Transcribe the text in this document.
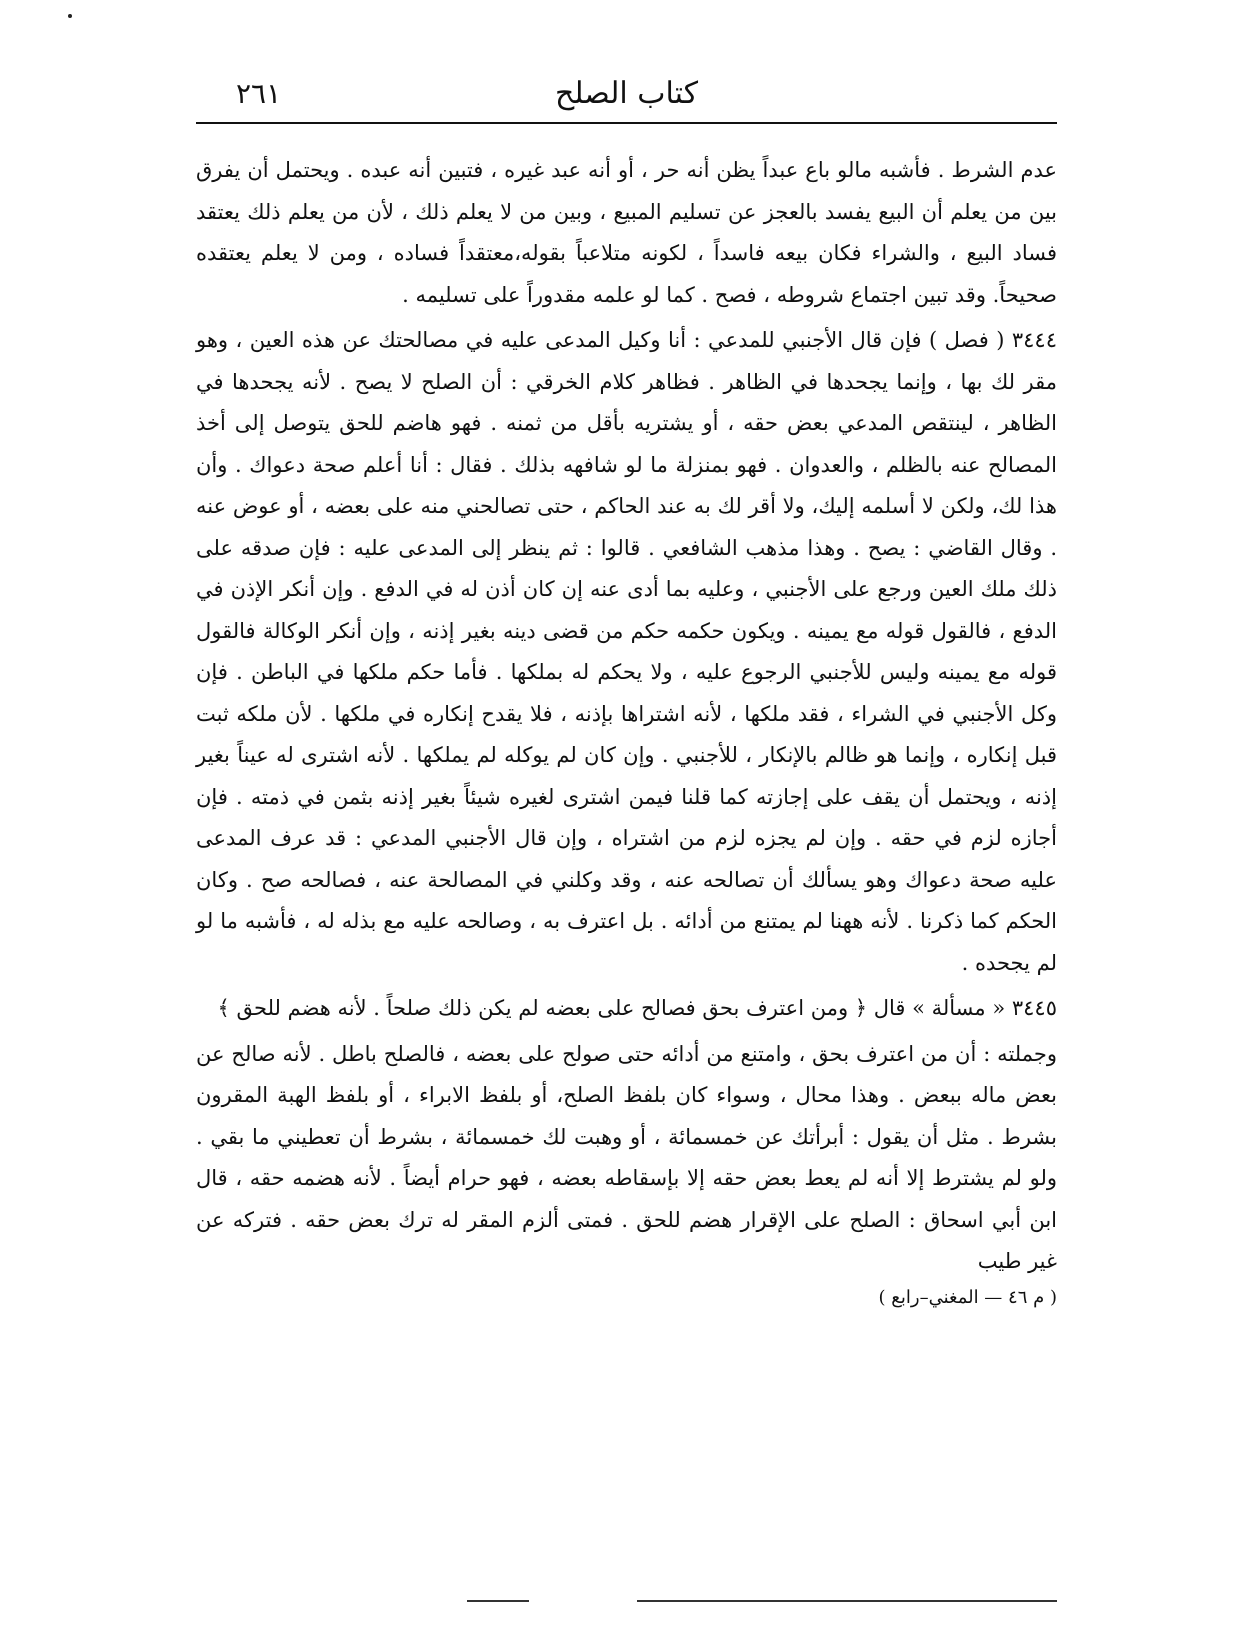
كتاب الصلح
٢٦١

عدم الشرط . فأشبه مالو باع عبداً يظن أنه حر ، أو أنه عبد غيره ، فتبين أنه عبده . ويحتمل أن يفرق بين من يعلم أن البيع يفسد بالعجز عن تسليم المبيع ، وبين من لا يعلم ذلك ، لأن من يعلم ذلك يعتقد فساد البيع ، والشراء فكان بيعه فاسداً ، لكونه متلاعباً بقوله،معتقداً فساده ، ومن لا يعلم يعتقده صحيحاً. وقد تبين اجتماع شروطه ، فصح . كما لو علمه مقدوراً على تسليمه .

٣٤٤٤ ( فصل ) فإن قال الأجنبي للمدعي : أنا وكيل المدعى عليه في مصالحتك عن هذه العين ، وهو مقر لك بها ، وإنما يجحدها في الظاهر . فظاهر كلام الخرقي : أن الصلح لا يصح . لأنه يجحدها في الظاهر ، لينتقص المدعي بعض حقه ، أو يشتريه بأقل من ثمنه . فهو هاضم للحق يتوصل إلى أخذ المصالح عنه بالظلم ، والعدوان . فهو بمنزلة ما لو شافهه بذلك . فقال : أنا أعلم صحة دعواك . وأن هذا لك، ولكن لا أسلمه إليك، ولا أقر لك به عند الحاكم ، حتى تصالحني منه على بعضه ، أو عوض عنه . وقال القاضي : يصح . وهذا مذهب الشافعي . قالوا : ثم ينظر إلى المدعى عليه : فإن صدقه على ذلك ملك العين ورجع على الأجنبي ، وعليه بما أدى عنه إن كان أذن له في الدفع . وإن أنكر الإذن في الدفع ، فالقول قوله مع يمينه . ويكون حكمه حكم من قضى دينه بغير إذنه ، وإن أنكر الوكالة فالقول قوله مع يمينه وليس للأجنبي الرجوع عليه ، ولا يحكم له بملكها . فأما حكم ملكها في الباطن . فإن وكل الأجنبي في الشراء ، فقد ملكها ، لأنه اشتراها بإذنه ، فلا يقدح إنكاره في ملكها . لأن ملكه ثبت قبل إنكاره ، وإنما هو ظالم بالإنكار ، للأجنبي . وإن كان لم يوكله لم يملكها . لأنه اشترى له عيناً بغير إذنه ، ويحتمل أن يقف على إجازته كما قلنا فيمن اشترى لغيره شيئاً بغير إذنه بثمن في ذمته . فإن أجازه لزم في حقه . وإن لم يجزه لزم من اشتراه ، وإن قال الأجنبي المدعي : قد عرف المدعى عليه صحة دعواك وهو يسألك أن تصالحه عنه ، وقد وكلني في المصالحة عنه ، فصالحه صح . وكان الحكم كما ذكرنا . لأنه ههنا لم يمتنع من أدائه . بل اعترف به ، وصالحه عليه مع بذله له ، فأشبه ما لو لم يجحده .

٣٤٤٥ « مسألة » قال ﴿ ومن اعترف بحق فصالح على بعضه لم يكن ذلك صلحاً . لأنه هضم للحق ﴾

وجملته : أن من اعترف بحق ، وامتنع من أدائه حتى صولح على بعضه ، فالصلح باطل . لأنه صالح عن بعض ماله ببعض . وهذا محال ، وسواء كان بلفظ الصلح، أو بلفظ الابراء ، أو بلفظ الهبة المقرون بشرط . مثل أن يقول : أبرأتك عن خمسمائة ، أو وهبت لك خمسمائة ، بشرط أن تعطيني ما بقي . ولو لم يشترط إلا أنه لم يعط بعض حقه إلا بإسقاطه بعضه ، فهو حرام أيضاً . لأنه هضمه حقه ، قال ابن أبي اسحاق : الصلح على الإقرار هضم للحق . فمتى ألزم المقر له ترك بعض حقه . فتركه عن غير طيب

( م ٤٦ — المغني–رابع )
